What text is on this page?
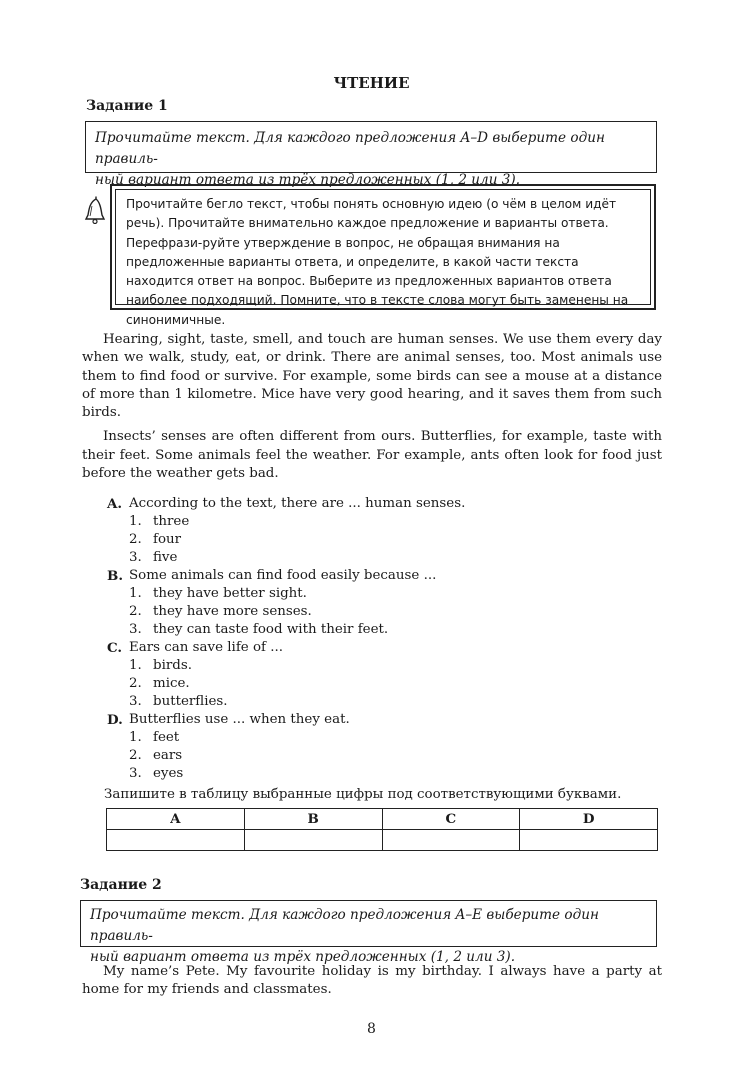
ЧТЕНИЕ
Задание 1
Прочитайте текст. Для каждого предложения A–D выберите один правиль-
ный вариант ответа из трёх предложенных (1, 2 или 3).
Прочитайте бегло текст, чтобы понять основную идею (о чём в целом идёт речь). Прочитайте внимательно каждое предложение и варианты ответа. Перефрази-руйте утверждение в вопрос, не обращая внимания на предложенные варианты ответа, и определите, в какой части текста находится ответ на вопрос. Выберите из предложенных вариантов ответа наиболее подходящий. Помните, что в тексте слова могут быть заменены на синонимичные.

Hearing, sight, taste, smell, and touch are human senses. We use them every day when we walk, study, eat, or drink. There are animal senses, too. Most animals use them to find food or survive. For example, some birds can see a mouse at a distance of more than 1 kilometre. Mice have very good hearing, and it saves them from such birds.

Insects’ senses are often different from ours. Butterflies, for example, taste with their feet. Some animals feel the weather. For example, ants often look for food just before the weather gets bad.

A. According to the text, there are ... human senses.
1. three
2. four
3. five
B. Some animals can find food easily because ...
1. they have better sight.
2. they have more senses.
3. they can taste food with their feet.
C. Ears can save life of ...
1. birds.
2. mice.
3. butterflies.
D. Butterflies use ... when they eat.
1. feet
2. ears
3. eyes
Запишите в таблицу выбранные цифры под соответствующими буквами.
A	B	C	D

Задание 2
Прочитайте текст. Для каждого предложения A–E выберите один правиль-
ный вариант ответа из трёх предложенных (1, 2 или 3).

My name’s Pete. My favourite holiday is my birthday. I always have a party at home for my friends and classmates.

8
